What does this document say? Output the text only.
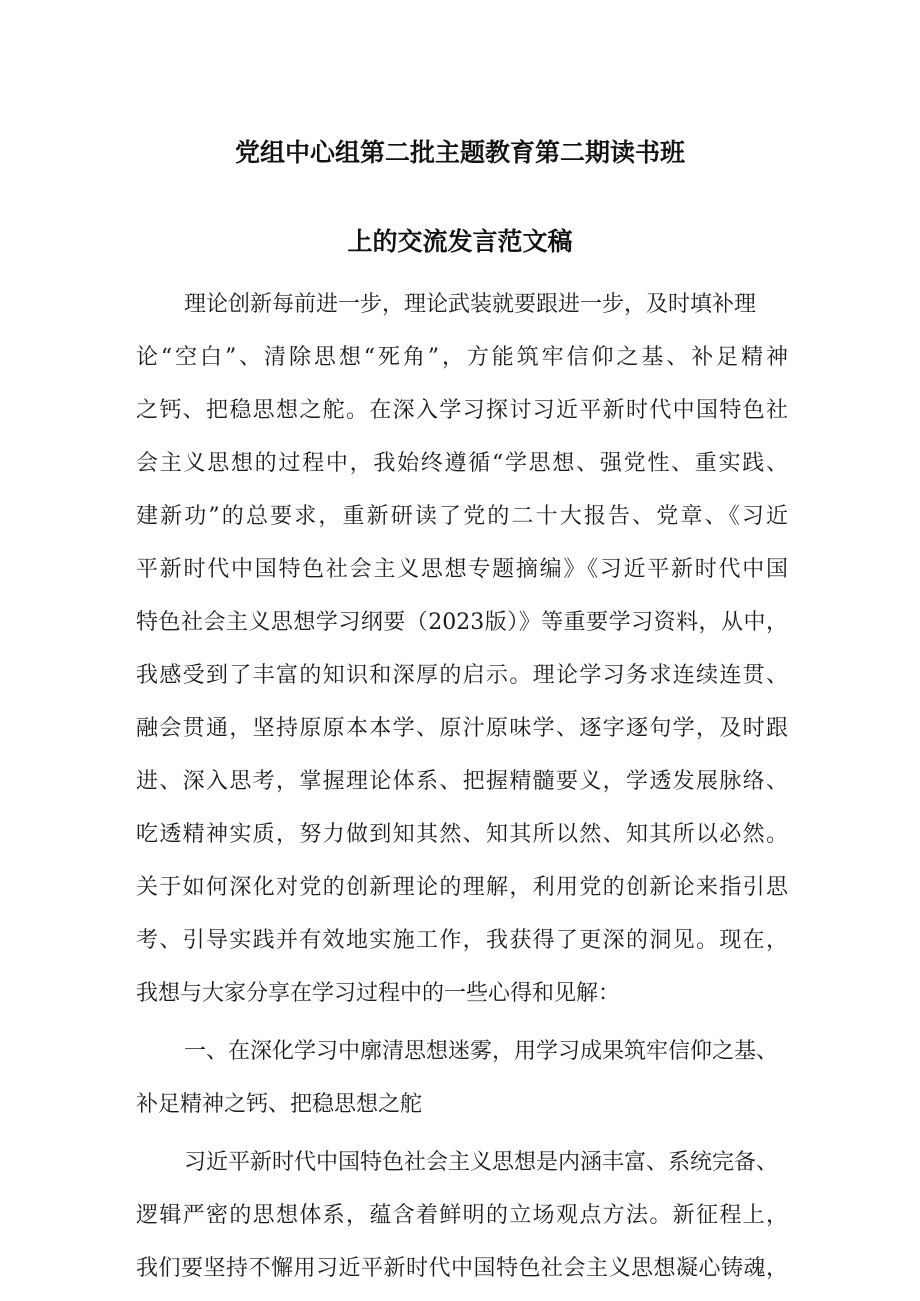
党组中心组第二批主题教育第二期读书班
上的交流发言范文稿
理论创新每前进一步，理论武装就要跟进一步，及时填补理
论“空白”、清除思想“死角”，方能筑牢信仰之基、补足精神
之钙、把稳思想之舵。在深入学习探讨习近平新时代中国特色社
会主义思想的过程中，我始终遵循“学思想、强党性、重实践、
建新功”的总要求，重新研读了党的二十大报告、党章、《习近
平新时代中国特色社会主义思想专题摘编》《习近平新时代中国
特色社会主义思想学习纲要（2023版）》等重要学习资料，从中，
我感受到了丰富的知识和深厚的启示。理论学习务求连续连贯、
融会贯通，坚持原原本本学、原汁原味学、逐字逐句学，及时跟
进、深入思考，掌握理论体系、把握精髓要义，学透发展脉络、
吃透精神实质，努力做到知其然、知其所以然、知其所以必然。
关于如何深化对党的创新理论的理解，利用党的创新论来指引思
考、引导实践并有效地实施工作，我获得了更深的洞见。现在，
我想与大家分享在学习过程中的一些心得和见解：
一、在深化学习中廓清思想迷雾，用学习成果筑牢信仰之基、
补足精神之钙、把稳思想之舵
习近平新时代中国特色社会主义思想是内涵丰富、系统完备、
逻辑严密的思想体系，蕴含着鲜明的立场观点方法。新征程上，
我们要坚持不懈用习近平新时代中国特色社会主义思想凝心铸魂，
